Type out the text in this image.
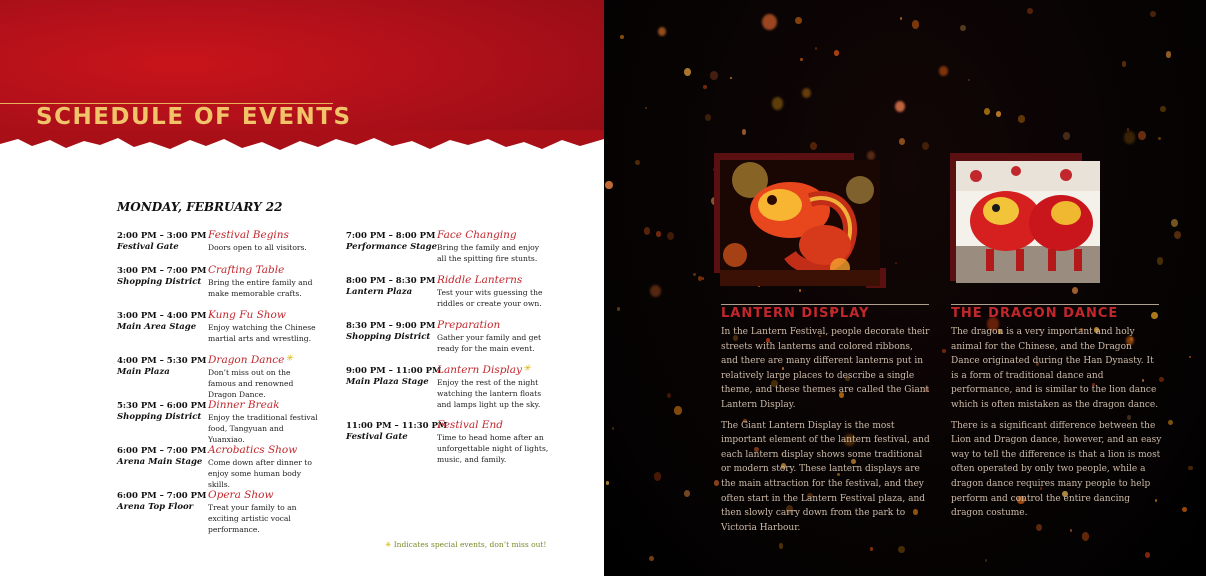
SCHEDULE OF EVENTS
MONDAY, FEBRUARY 22
2:00 PM – 3:00 PM
Festival Gate
Festival Begins
Doors open to all visitors.
3:00 PM – 7:00 PM
Shopping District
Crafting Table
Bring the entire family and make memorable crafts.
3:00 PM – 4:00 PM
Main Area Stage
Kung Fu Show
Enjoy watching the Chinese martial arts and wrestling.
4:00 PM – 5:30 PM
Main Plaza
Dragon Dance✳
Don’t miss out on the famous and renowned Dragon Dance.
5:30 PM – 6:00 PM
Shopping District
Dinner Break
Enjoy the traditional festival food, Tangyuan and Yuanxiao.
6:00 PM – 7:00 PM
Arena Main Stage
Acrobatics Show
Come down after dinner to enjoy some human body skills.
6:00 PM – 7:00 PM
Arena Top Floor
Opera Show
Treat your family to an exciting artistic vocal performance.
7:00 PM – 8:00 PM
Performance Stage
Face Changing
Bring the family and enjoy all the spitting fire stunts.
8:00 PM – 8:30 PM
Lantern Plaza
Riddle Lanterns
Test your wits guessing the riddles or create your own.
8:30 PM – 9:00 PM
Shopping District
Preparation
Gather your family and get ready for the main event.
9:00 PM – 11:00 PM
Main Plaza Stage
Lantern Display✳
Enjoy the rest of the night watching the lantern floats and lamps light up the sky.
11:00 PM – 11:30 PM
Festival Gate
Festival End
Time to head home after an unforgettable night of lights, music, and family.
✳ Indicates special events, don’t miss out!
LANTERN DISPLAY

In the Lantern Festival, people decorate their streets with lanterns and colored ribbons, and there are many different lanterns put in relatively large places to describe a single theme, and these themes are called the Giant Lantern Display.

The Giant Lantern Display is the most important element of the lantern festival, and each lantern display shows some traditional or modern story. These lantern displays are the main attraction for the festival, and they often start in the Lantern Festival plaza, and then slowly carry down from the park to Victoria Harbour.

THE DRAGON DANCE

The dragon is a very important and holy animal for the Chinese, and the Dragon Dance originated during the Han Dynasty. It is a form of traditional dance and performance, and is similar to the lion dance which is often mistaken as the dragon dance.

There is a significant difference between the Lion and Dragon dance, however, and an easy way to tell the difference is that a lion is most often operated by only two people, while a dragon dance requires many people to help perform and control the entire dancing dragon costume.
